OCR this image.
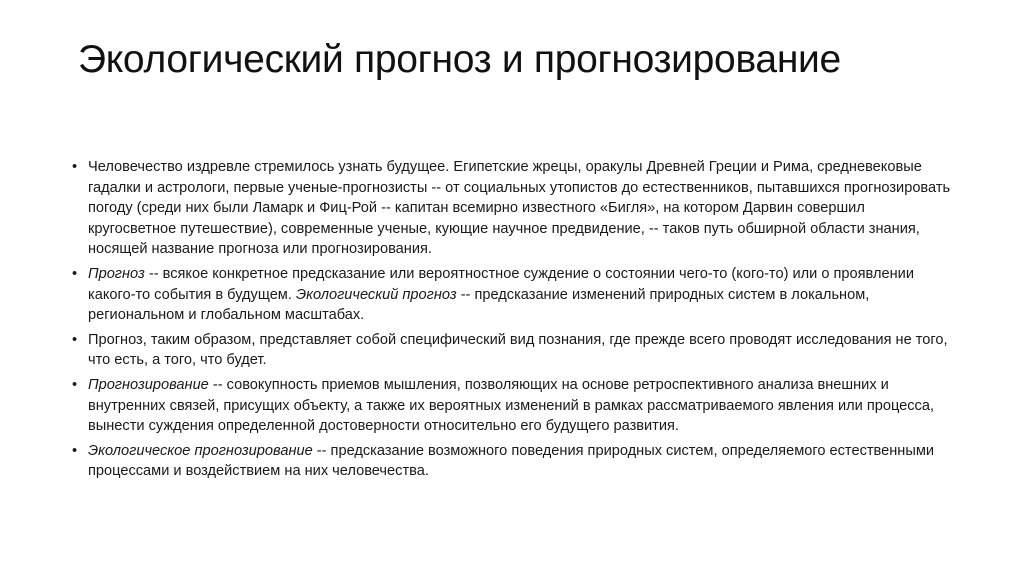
Экологический прогноз и прогнозирование
• Человечество издревле стремилось узнать будущее. Египетские жрецы, оракулы Древней Греции и Рима, средневековые гадалки и астрологи, первые ученые-прогнозисты -- от социальных утопистов до естественников, пытавшихся прогнозировать погоду (среди них были Ламарк и Фиц-Рой -- капитан всемирно известного «Бигля», на котором Дарвин совершил кругосветное путешествие), современные ученые, кующие научное предвидение, -- таков путь обширной области знания, носящей название прогноза или прогнозирования.
• Прогноз -- всякое конкретное предсказание или вероятностное суждение о состоянии чего-то (кого-то) или о проявлении какого-то события в будущем. Экологический прогноз -- предсказание изменений природных систем в локальном, региональном и глобальном масштабах.
• Прогноз, таким образом, представляет собой специфический вид познания, где прежде всего проводят исследования не того, что есть, а того, что будет.
• Прогнозирование -- совокупность приемов мышления, позволяющих на основе ретроспективного анализа внешних и внутренних связей, присущих объекту, а также их вероятных изменений в рамках рассматриваемого явления или процесса, вынести суждения определенной достоверности относительно его будущего развития.
• Экологическое прогнозирование -- предсказание возможного поведения природных систем, определяемого естественными процессами и воздействием на них человечества.
